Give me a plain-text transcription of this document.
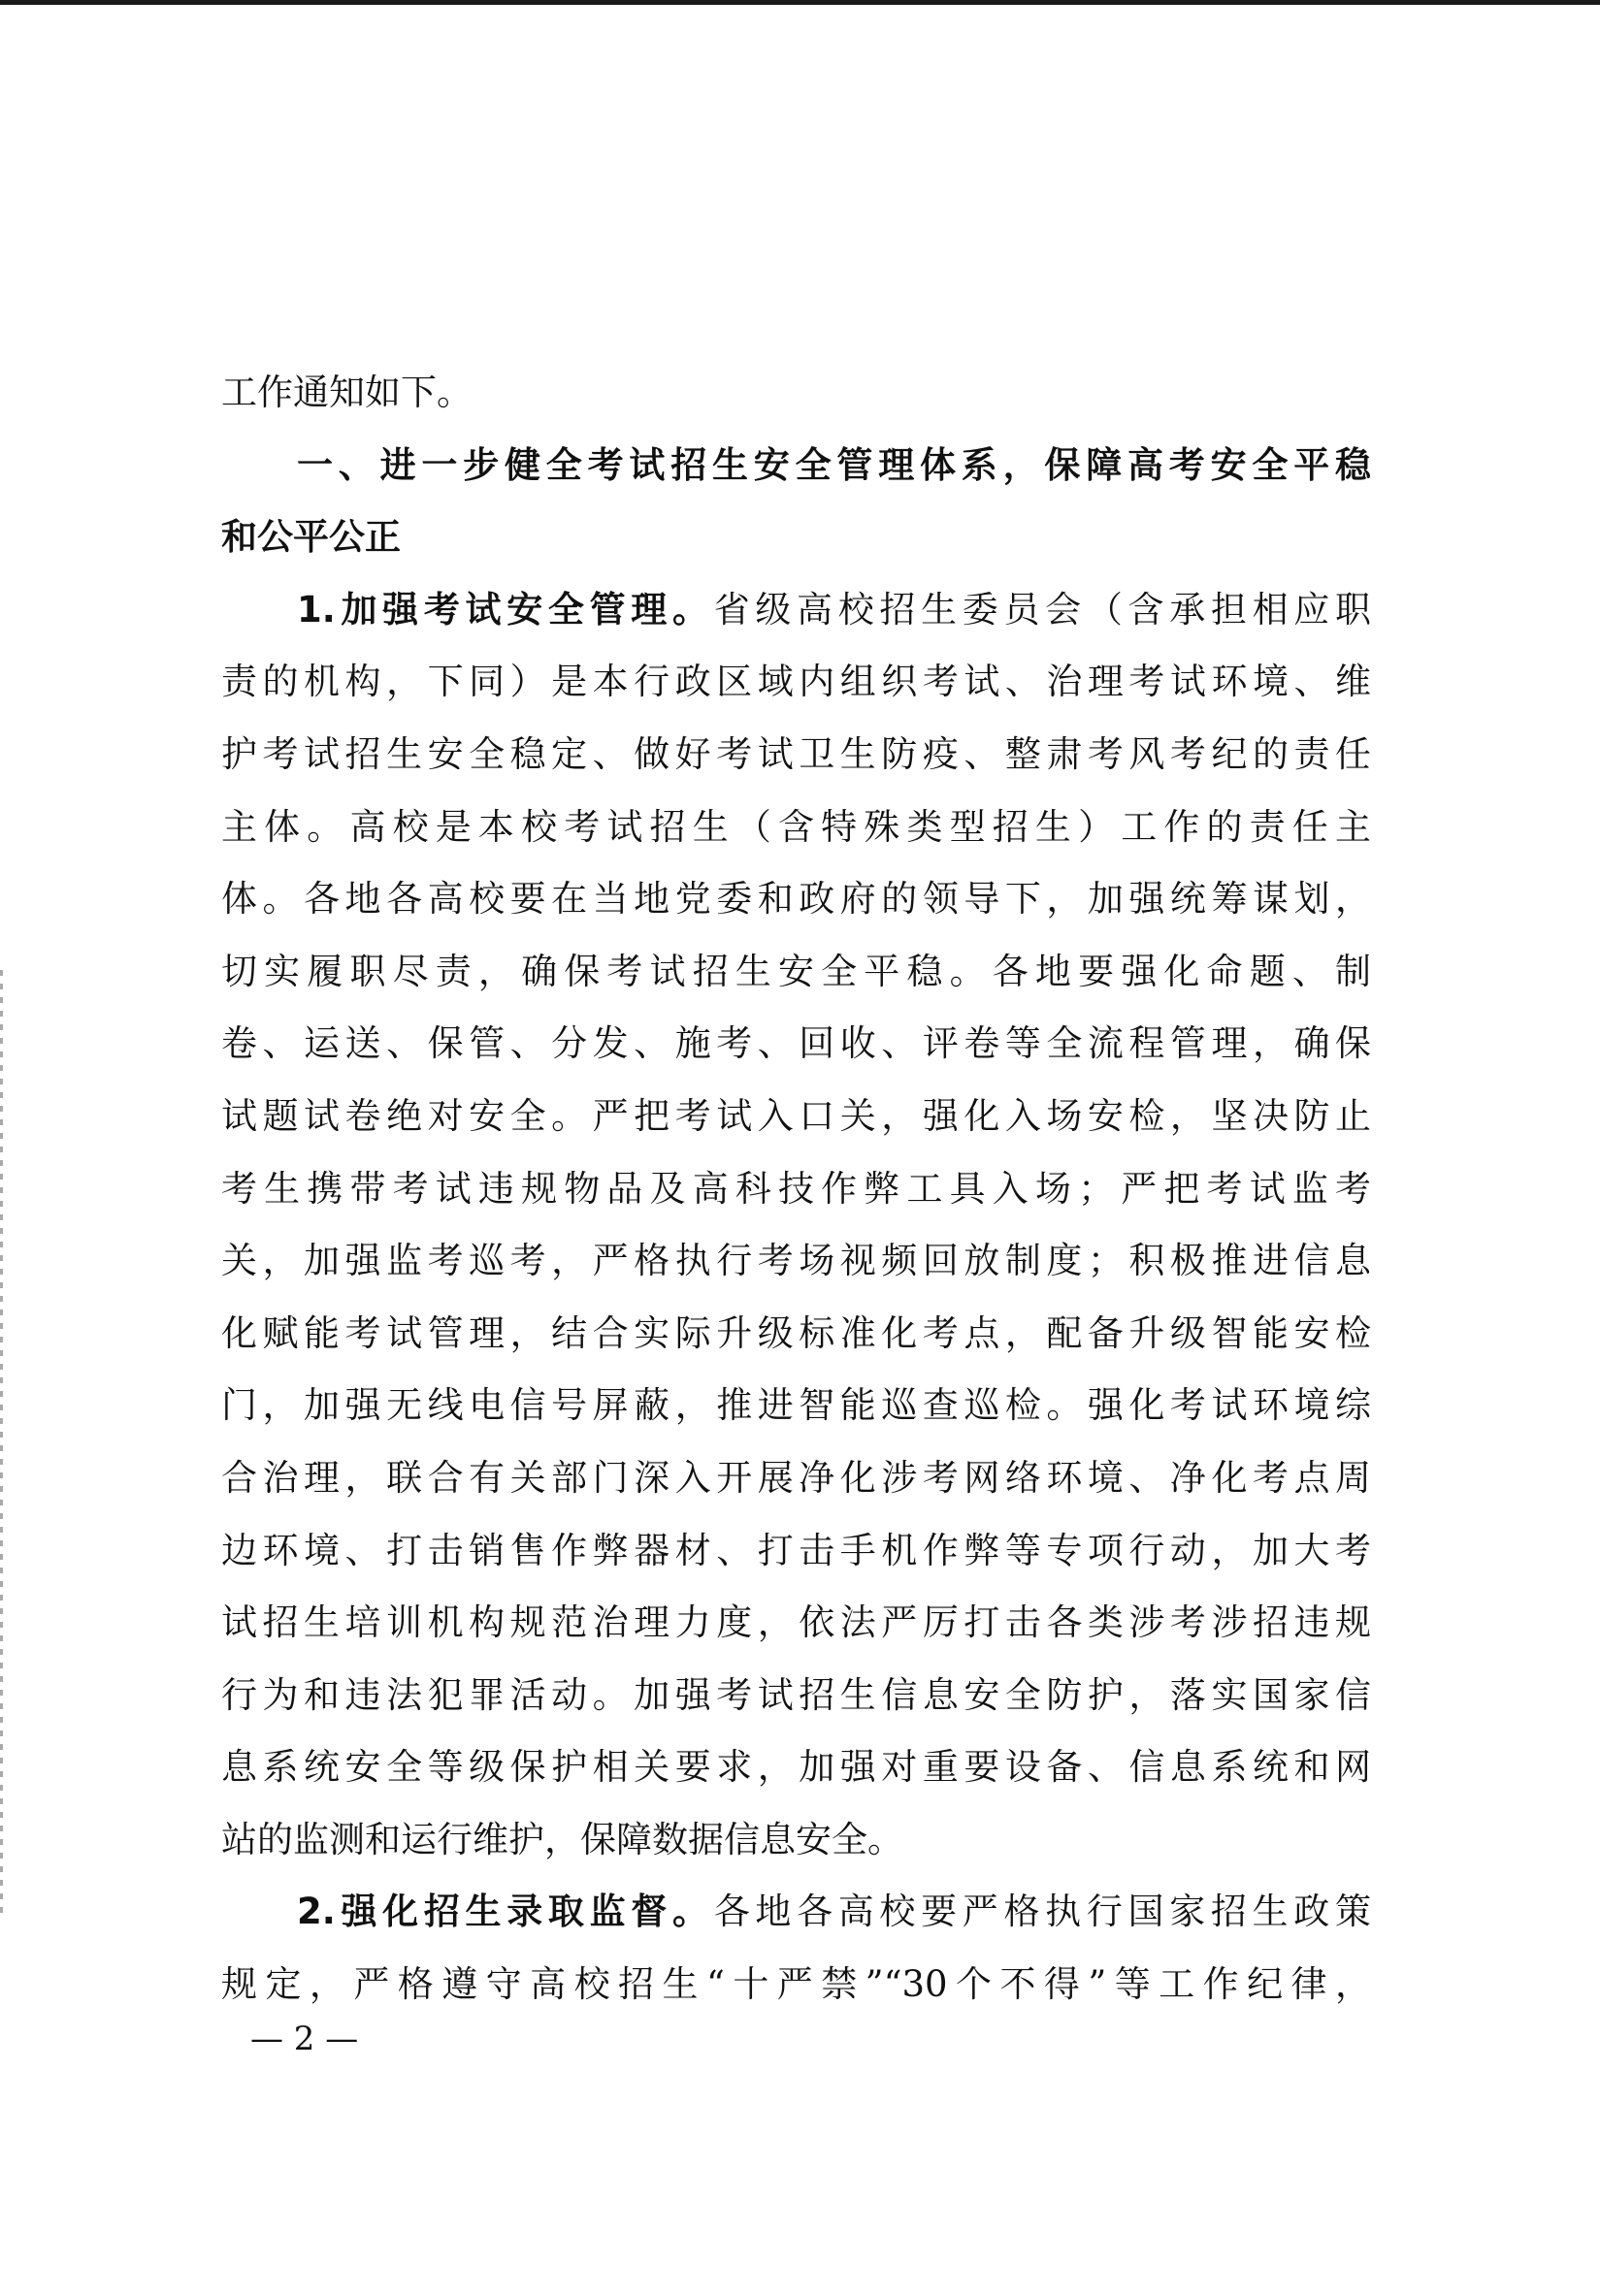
工作通知如下。
一、进一步健全考试招生安全管理体系，保障高考安全平稳
和公平公正
1.加强考试安全管理。省级高校招生委员会（含承担相应职
责的机构，下同）是本行政区域内组织考试、治理考试环境、维
护考试招生安全稳定、做好考试卫生防疫、整肃考风考纪的责任
主体。高校是本校考试招生（含特殊类型招生）工作的责任主
体。各地各高校要在当地党委和政府的领导下，加强统筹谋划，
切实履职尽责，确保考试招生安全平稳。各地要强化命题、制
卷、运送、保管、分发、施考、回收、评卷等全流程管理，确保
试题试卷绝对安全。严把考试入口关，强化入场安检，坚决防止
考生携带考试违规物品及高科技作弊工具入场；严把考试监考
关，加强监考巡考，严格执行考场视频回放制度；积极推进信息
化赋能考试管理，结合实际升级标准化考点，配备升级智能安检
门，加强无线电信号屏蔽，推进智能巡查巡检。强化考试环境综
合治理，联合有关部门深入开展净化涉考网络环境、净化考点周
边环境、打击销售作弊器材、打击手机作弊等专项行动，加大考
试招生培训机构规范治理力度，依法严厉打击各类涉考涉招违规
行为和违法犯罪活动。加强考试招生信息安全防护，落实国家信
息系统安全等级保护相关要求，加强对重要设备、信息系统和网
站的监测和运行维护，保障数据信息安全。
2.强化招生录取监督。各地各高校要严格执行国家招生政策
规定，严格遵守高校招生“十严禁”“30个不得”等工作纪律，
— 2 —
